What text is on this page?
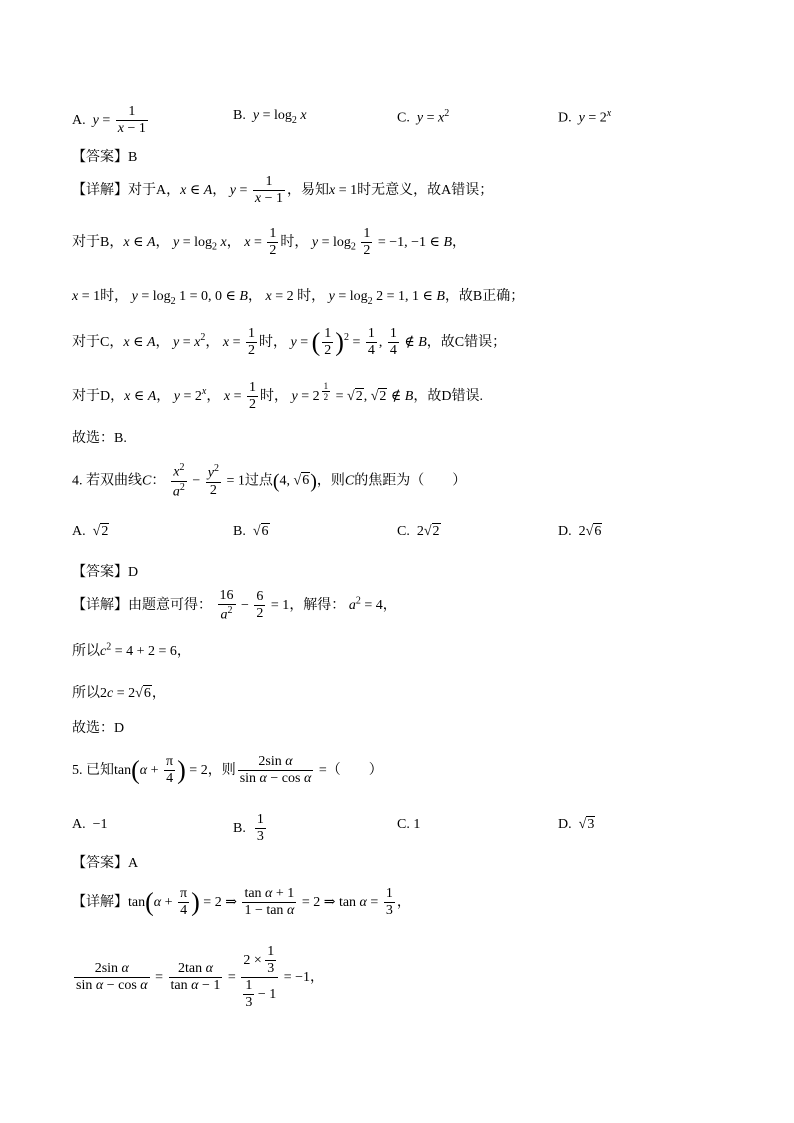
A. $y = \frac{1}{x - 1}$	B. $y = \log_2 x$	C. $y = x^2$	D. $y = 2^x$
【答案】B
【详解】对于A，x ∈ A， $y = \frac{1}{x - 1}$ ，易知x = 1时无意义，故A错误；
对于B，x ∈ A， $y = \log_2 x$， $x = \frac{1}{2}$ 时， $y = \log_2 \frac{1}{2} = -1$, −1 ∈ B，
x = 1时， $y = \log_2 1 = 0$, 0 ∈ B， x = 2 时， $y = \log_2 2 = 1$, 1 ∈ B，故B正确；
对于C，x ∈ A， $y = x^2$， $x = \frac{1}{2}$ 时， y = ( $\frac{1}{2} )^2 = \frac{1}{4}$ , $\frac{1}{4}$ ∉ B，故C错误；
对于D，x ∈ A， $y = 2^x$， $x = \frac{1}{2}$ 时， y = 2 $^{\frac{1}{2}}$ = √2, √2 ∉ B，故D错误.
故选：B.
4. 若双曲线C： $\frac{x^2}{a^2} - \frac{y^2}{2} = 1$过点(4, √6)，则C的焦距为（　　）
A.  √2	B.  √6	C.  2√2	D.  2√6
【答案】D
【详解】由题意可得： $\frac{16}{a^2} - \frac{6}{2} = 1$，解得： $a^2 = 4$，
所以$c^2 = 4 + 2 = 6$，
所以2c = 2√6，
故选：D
5. 已知$\tan(\alpha + \frac{\pi}{4}$ ) = 2，则 $\frac{\text{2sin α}}{\text{sin α − cos α}}$ =（　　）
A. −1	B. $\frac{1}{3}$	C. 1	D.  √3
【答案】A
【详解】$\tan(\alpha + \frac{\pi}{4}$ ) = 2 ⇒ $\frac{\text{tan α + 1}}{\text{1 − tan α}} = 2$ ⇒ $\tan \alpha = \frac{1}{3}$ ，
$\frac{\text{2sin α}}{\text{sin α − cos α}} = \frac{\text{2tan α}}{\text{tan α − 1}} = \frac{2 \times \frac{1}{3}}{\frac{1}{3} - 1} = -1$，
